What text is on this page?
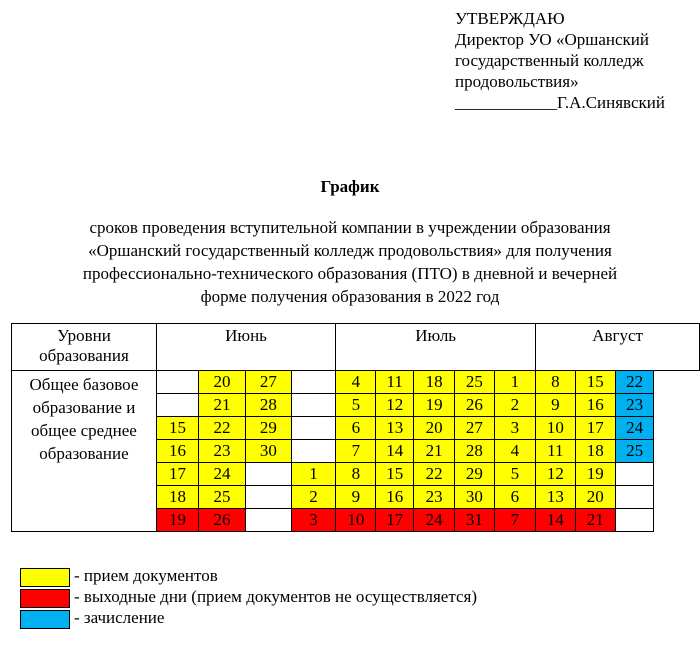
УТВЕРЖДАЮ
Директор УО «Оршанский
государственный колледж
продовольствия»
____________Г.А.Синявский
График
сроков проведения вступительной компании в учреждении образования
«Оршанский государственный колледж продовольствия» для получения
профессионально-технического образования (ПТО) в дневной и вечерней
форме получения образования в 2022 год
Уровни
образования	Июнь				Июль					Август		
Общее базовое образование и общее среднее образование		20	27		4	11	18	25	1	8	15	22
		21	28		5	12	19	26	2	9	16	23
	15	22	29		6	13	20	27	3	10	17	24
	16	23	30		7	14	21	28	4	11	18	25
	17	24		1	8	15	22	29	5	12	19	
	18	25		2	9	16	23	30	6	13	20	
	19	26		3	10	17	24	31	7	14	21	
- прием документов
- выходные дни (прием документов не осуществляется)
- зачисление
